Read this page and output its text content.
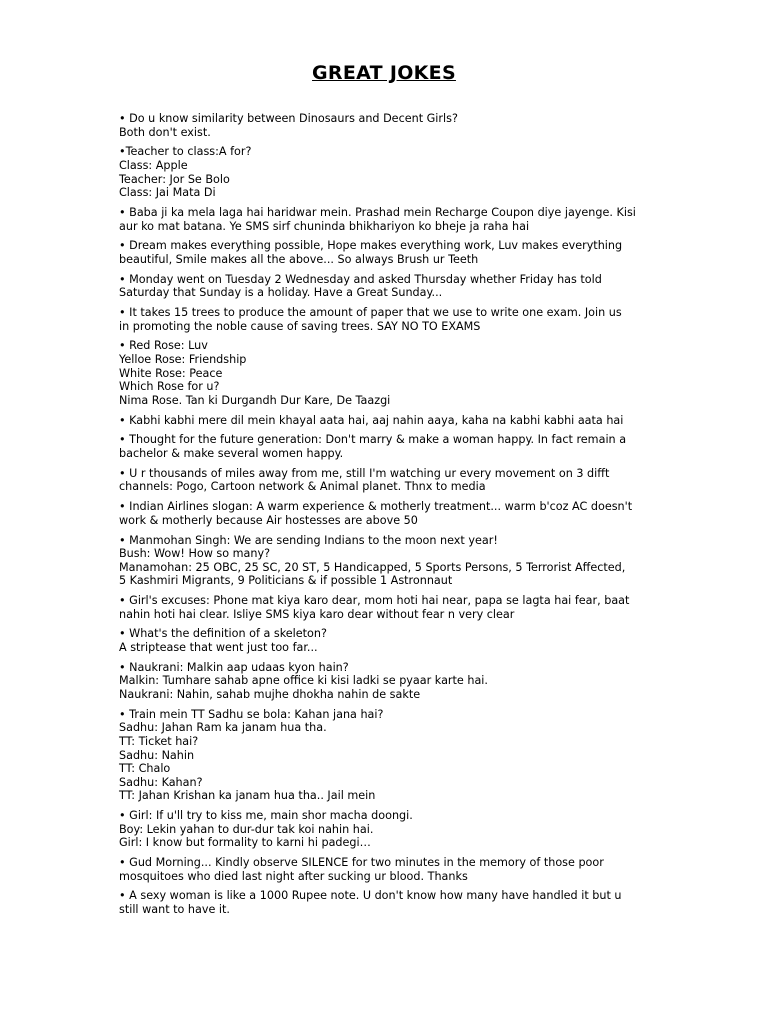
GREAT JOKES
• Do u know similarity between Dinosaurs and Decent Girls?
Both don't exist.
•Teacher to class:A for?
Class: Apple
Teacher: Jor Se Bolo
Class: Jai Mata Di
• Baba ji ka mela laga hai haridwar mein. Prashad mein Recharge Coupon diye jayenge. Kisi
aur ko mat batana. Ye SMS sirf chuninda bhikhariyon ko bheje ja raha hai
• Dream makes everything possible, Hope makes everything work, Luv makes everything
beautiful, Smile makes all the above... So always Brush ur Teeth
• Monday went on Tuesday 2 Wednesday and asked Thursday whether Friday has told
Saturday that Sunday is a holiday. Have a Great Sunday...
• It takes 15 trees to produce the amount of paper that we use to write one exam. Join us
in promoting the noble cause of saving trees. SAY NO TO EXAMS
• Red Rose: Luv
Yelloe Rose: Friendship
White Rose: Peace
Which Rose for u?
Nima Rose. Tan ki Durgandh Dur Kare, De Taazgi
• Kabhi kabhi mere dil mein khayal aata hai, aaj nahin aaya, kaha na kabhi kabhi aata hai
• Thought for the future generation: Don't marry & make a woman happy. In fact remain a
bachelor & make several women happy.
• U r thousands of miles away from me, still I'm watching ur every movement on 3 difft
channels: Pogo, Cartoon network & Animal planet. Thnx to media
• Indian Airlines slogan: A warm experience & motherly treatment... warm b'coz AC doesn't
work & motherly because Air hostesses are above 50
• Manmohan Singh: We are sending Indians to the moon next year!
Bush: Wow! How so many?
Manamohan: 25 OBC, 25 SC, 20 ST, 5 Handicapped, 5 Sports Persons, 5 Terrorist Affected,
5 Kashmiri Migrants, 9 Politicians & if possible 1 Astronnaut
• Girl's excuses: Phone mat kiya karo dear, mom hoti hai near, papa se lagta hai fear, baat
nahin hoti hai clear. Isliye SMS kiya karo dear without fear n very clear
• What's the definition of a skeleton?
A striptease that went just too far...
• Naukrani: Malkin aap udaas kyon hain?
Malkin: Tumhare sahab apne office ki kisi ladki se pyaar karte hai.
Naukrani: Nahin, sahab mujhe dhokha nahin de sakte
• Train mein TT Sadhu se bola: Kahan jana hai?
Sadhu: Jahan Ram ka janam hua tha.
TT: Ticket hai?
Sadhu: Nahin
TT: Chalo
Sadhu: Kahan?
TT: Jahan Krishan ka janam hua tha.. Jail mein
• Girl: If u'll try to kiss me, main shor macha doongi.
Boy: Lekin yahan to dur-dur tak koi nahin hai.
Girl: I know but formality to karni hi padegi…
• Gud Morning... Kindly observe SILENCE for two minutes in the memory of those poor
mosquitoes who died last night after sucking ur blood. Thanks
• A sexy woman is like a 1000 Rupee note. U don't know how many have handled it but u
still want to have it.
